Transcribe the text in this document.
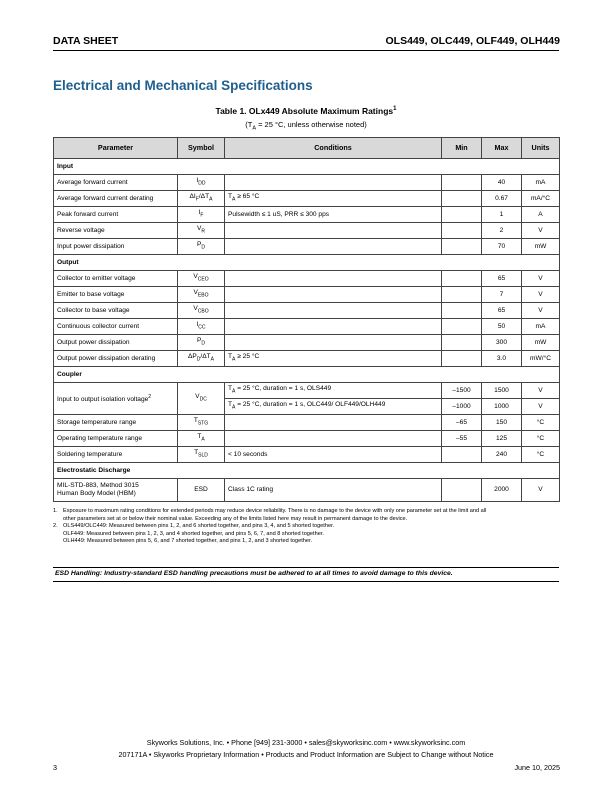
DATA SHEET	OLS449, OLC449, OLF449, OLH449
Electrical and Mechanical Specifications
Table 1. OLx449 Absolute Maximum Ratings$^1$
($T_A = 25$ °C, unless otherwise noted)
Parameter	Symbol	Conditions	Min	Max	Units
Input					
Average forward current	$I_{DD}$			40	mA
Average forward current derating	$\Delta I_F/\Delta T_A$	$T_A \ge 65$ °C		0.67	mA/°C
Peak forward current	$I_F$	Pulsewidth ≤ 1 uS, PRR ≤ 300 pps		1	A
Reverse voltage	$V_R$			2	V
Input power dissipation	$P_D$			70	mW
Output					
Collector to emitter voltage	$V_{CEO}$			65	V
Emitter to base voltage	$V_{EBO}$			7	V
Collector to base voltage	$V_{CBO}$			65	V
Continuous collector current	$I_{CC}$			50	mA
Output power dissipation	$P_D$			300	mW
Output power dissipation derating	$\Delta P_D/\Delta T_A$	$T_A \ge 25$ °C		3.0	mW/°C
Coupler					
Input to output isolation voltage$^2$	$V_{DC}$	$T_A = 25$ °C, duration = 1 s, OLS449	–1500	1500	V
		$T_A = 25$ °C, duration = 1 s, OLC449/ OLF449/OLH449	–1000	1000	V
Storage temperature range	$T_{STG}$		–65	150	°C
Operating temperature range	$T_A$		–55	125	°C
Soldering temperature	$T_{SLD}$	< 10 seconds		240	°C
Electrostatic Discharge					

MIL-STD-883, Method 3015
Human Body Model (HBM)	ESD	Class 1C rating		2000	V
1. Exposure to maximum rating conditions for extended periods may reduce device reliability. There is no damage to the device with only one parameter set at the limit and all
other parameters set at or below their nominal value. Exceeding any of the limits listed here may result in permanent damage to the device.
2. OLS449/OLC449: Measured between pins 1, 2, and 6 shorted together, and pins 3, 4, and 5 shorted together.
OLF449: Measured between pins 1, 2, 3, and 4 shorted together, and pins 5, 6, 7, and 8 shorted together.
OLH449: Measured between pins 5, 6, and 7 shorted together, and pins 1, 2, and 3 shorted together.
ESD Handling: Industry-standard ESD handling precautions must be adhered to at all times to avoid damage to this device.
Skyworks Solutions, Inc. • Phone [949] 231-3000 • sales@skyworksinc.com • www.skyworksinc.com
207171A • Skyworks Proprietary Information • Products and Product Information are Subject to Change without Notice
3	June 10, 2025
